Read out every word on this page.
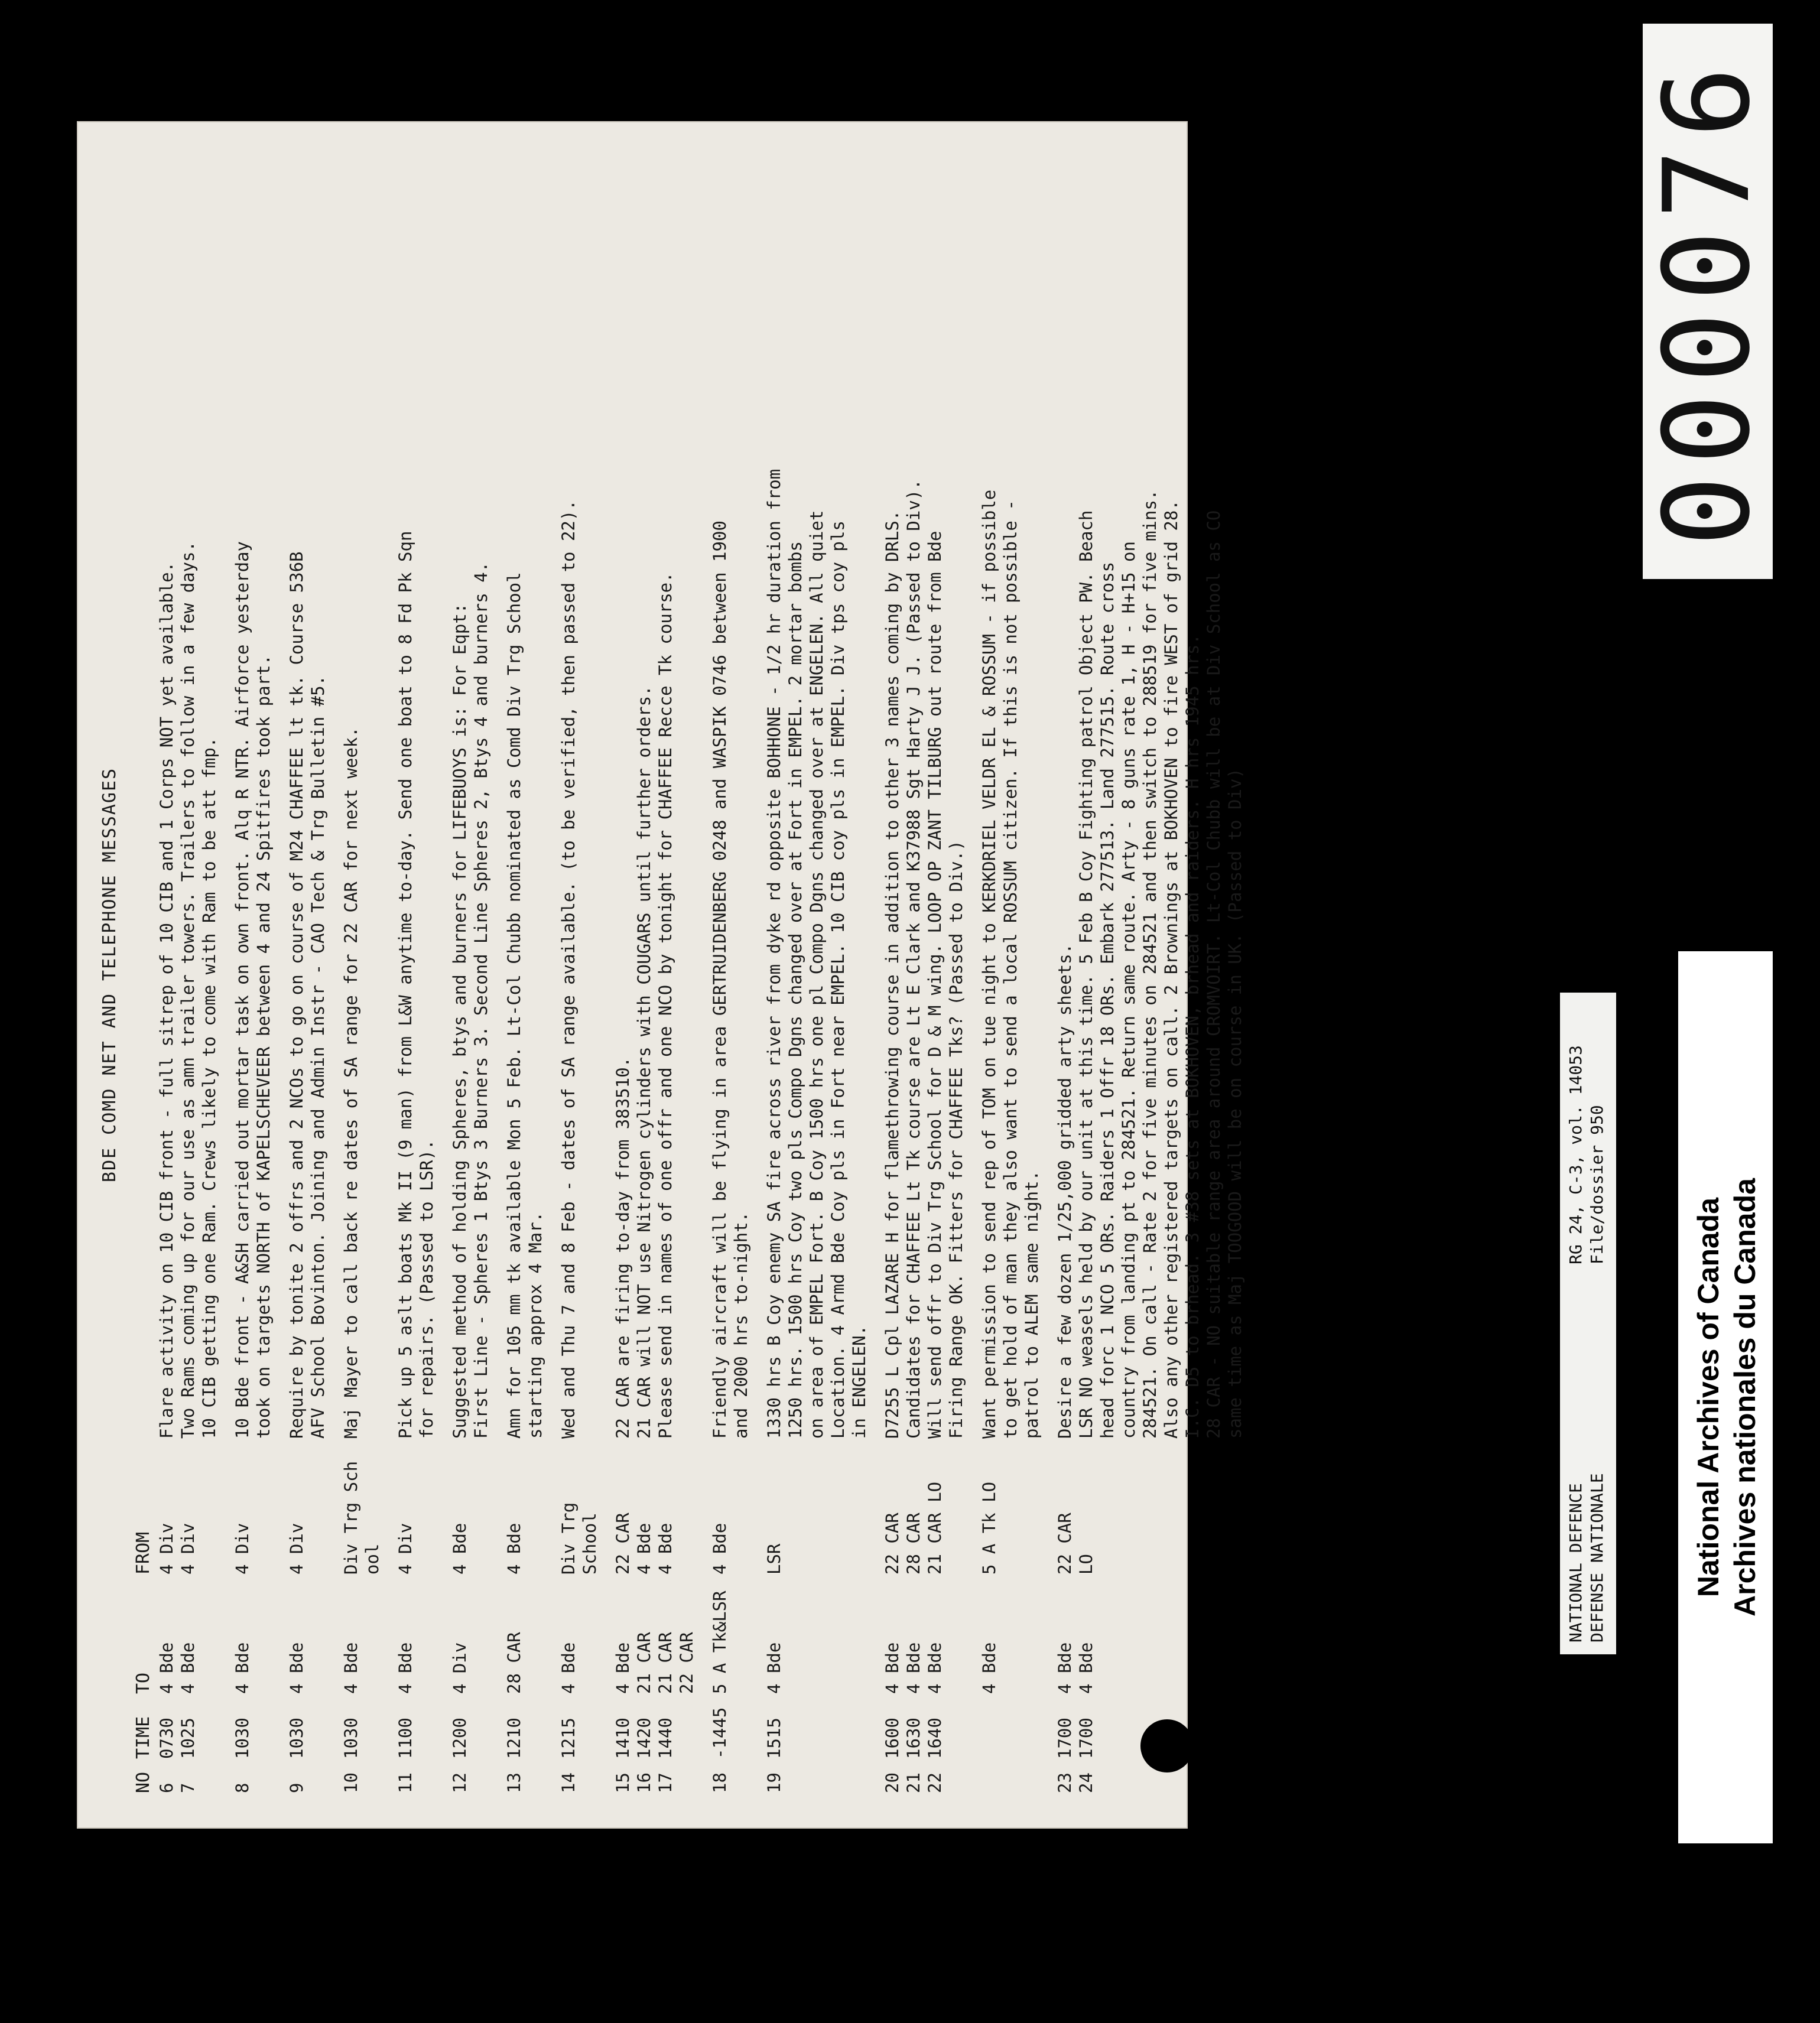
BDE COMD NET AND TELEPHONE MESSAGES
NO
TIME
TO
FROM
6
0730
4 Bde
4 Div
Flare activity on 10 CIB front - full sitrep of 10 CIB and 1 Corps NOT yet available.
7
1025
4 Bde
4 Div
Two Rams coming up for our use as amn trailer towers. Trailers to follow in a few days. 10 CIB getting one Ram. Crews likely to come with Ram to be att fmp.
8
1030
4 Bde
4 Div
10 Bde front - A&SH carried out mortar task on own front. Alq R NTR. Airforce yesterday took on targets NORTH of KAPELSCHEVEER between 4 and 24 Spitfires took part.
9
1030
4 Bde
4 Div
Require by tonite 2 offrs and 2 NCOs to go on course of M24 CHAFFEE lt tk. Course 536B AFV School Bovinton. Joining and Admin Instr - CAO Tech & Trg Bulletin #5.
10
1030
4 Bde
Div Trg Sch
Maj Mayer to call back re dates of SA range for 22 CAR for next week.
ool
11
1100
4 Bde
4 Div
Pick up 5 aslt boats Mk II (9 man) from L&W anytime to-day. Send one boat to 8 Fd Pk Sqn for repairs. (Passed to LSR).
12
1200
4 Div
4 Bde
Suggested method of holding Spheres, btys and burners for LIFEBUOYS is: For Eqpt: First Line - Spheres 1 Btys 3 Burners 3. Second Line Spheres 2, Btys 4 and burners 4.
13
1210
28 CAR
4 Bde
Amn for 105 mm tk available Mon 5 Feb. Lt-Col Chubb nominated as Comd Div Trg School starting approx 4 Mar.
14
1215
4 Bde
Div Trg
Wed and Thu 7 and 8 Feb - dates of SA range available. (to be verified, then passed to 22).
School
15
1410
4 Bde
22 CAR
22 CAR are firing to-day from 383510.
16
1420
21 CAR
4 Bde
21 CAR will NOT use Nitrogen cylinders with COUGARS until further orders.
17
1440
21 CAR
4 Bde
Please send in names of one offr and one NCO by tonight for CHAFFEE Recce Tk course.
22 CAR
18
-1445
5 A Tk&LSR
4 Bde
Friendly aircraft will be flying in area GERTRUIDENBERG 0248 and WASPIK 0746 between 1900 and 2000 hrs to-night.
19
1515
4 Bde
LSR
1330 hrs B Coy enemy SA fire across river from dyke rd opposite BOHHONE - 1/2 hr duration from 1250 hrs. 1500 hrs Coy two pls Compo Dgns changed over at Fort in EMPEL. 2 mortar bombs on area of EMPEL Fort. B Coy 1500 hrs one pl Compo Dgns changed over at ENGELEN. All quiet Location. 4 Armd Bde Coy pls in Fort near EMPEL. 10 CIB coy pls in EMPEL. Div tps coy pls in ENGELEN.
20
1600
4 Bde
22 CAR
D7255 L Cpl LAZARE H for flamethrowing course in addition to other 3 names coming by DRLS.
21
1630
4 Bde
28 CAR
Candidates for CHAFFEE Lt Tk course are Lt E Clark and K37988 Sgt Harty J J. (Passed to Div).
22
1640
4 Bde
21 CAR LO
Will send offr to Div Trg School for D & M wing. LOOP OP ZANT TILBURG out route from Bde Firing Range OK. Fitters for CHAFFEE Tks? (Passed to Div.)
4 Bde
5 A Tk LO
Want permission to send rep of TOM on tue night to KERKDRIEL VELDR EL & ROSSUM - if possible to get hold of man they also want to send a local ROSSUM citizen. If this is not possible - patrol to ALEM same night.
23
1700
4 Bde
22 CAR
Desire a few dozen 1/25,000 gridded arty sheets.
24
1700
4 Bde
LO
LSR NO weasels held by our unit at this time. 5 Feb B Coy Fighting patrol Object PW. Beach head forc 1 NCO 5 ORs. Raiders 1 Offr 18 ORs. Embark 277513. Land 277515. Route cross country from landing pt to 284521. Return same route. Arty - 8 guns rate 1, H - H+15 on 284521. On call - Rate 2 for five minutes on 284521 and then switch to 288519 for five mins. Also any other registered targets on call. 2 Brownings at BOKHOVEN to fire WEST of grid 28. I.C. D5 to brhead. 3 #38 sets at BOKHOVEN, brhead and raiders. H hrs 1945 hrs. 28 CAR - NO suitable range area around CROMVOIRT. Lt-Col Chubb will be at Div School as CO same time as Maj TOOGOOD will be on course in UK. (Passed to Div)
000076
NATIONAL DEFENCE
RG 24, C-3, vol. 14053
DEFENSE NATIONALE
File/dossier 950
National Archives of Canada Archives nationales du Canada
